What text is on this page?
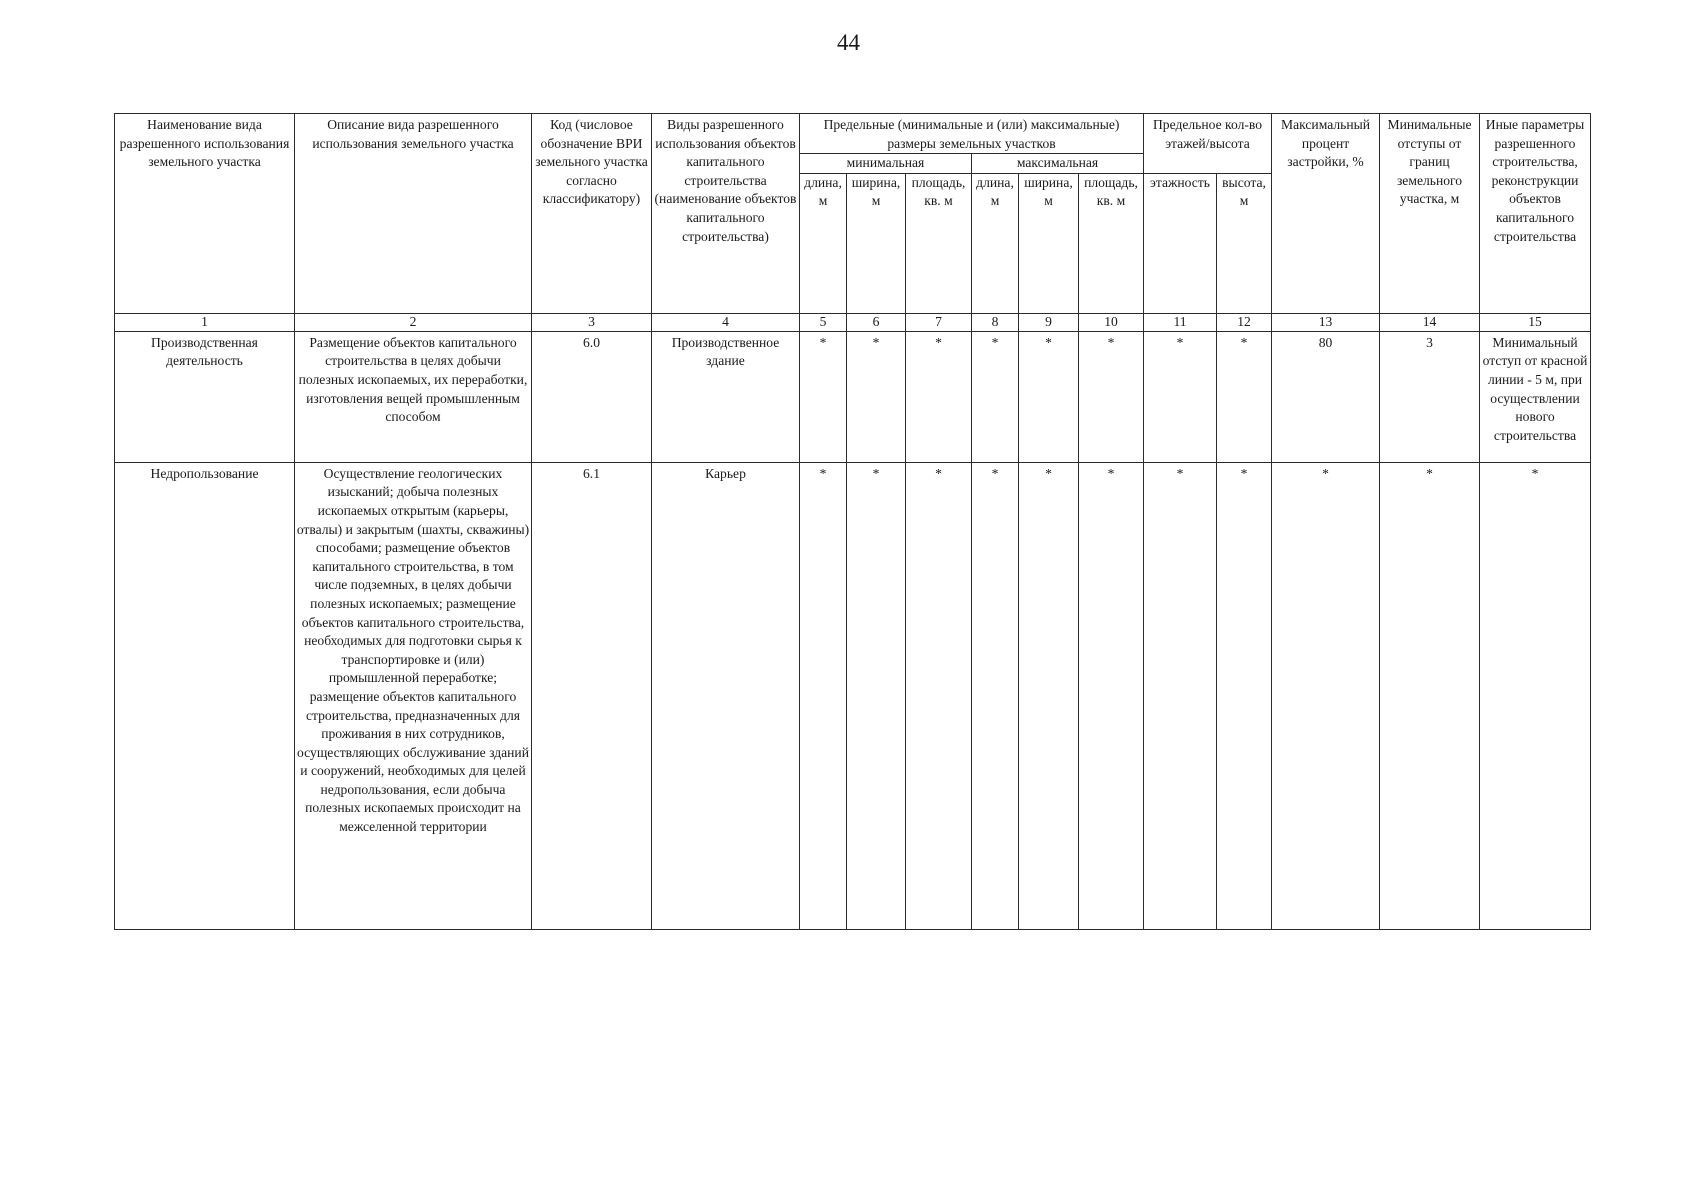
44
Наименование вида разрешенного использования земельного участка	Описание вида разрешенного использования земельного участка	Код (числовое обозначение ВРИ земельного участка согласно классификатору)	Виды разрешенного использования объектов капитального строительства (наименование объектов капитального строительства)	Предельные (минимальные и (или) максимальные) размеры земельных участков						Предельное кол-во этажей/высота		Максимальный процент застройки, %	Минимальные отступы от границ земельного участка, м	Иные параметры разрешенного строительства, реконструкции объектов капитального строительства
				минимальная			максимальная							
				длина, м	ширина, м	площадь, кв. м	длина, м	ширина, м	площадь, кв. м	этажность	высота, м			

1	2	3	4	5	6	7	8	9	10	11	12	13	14	15
Производственная деятельность	Размещение объектов капитального строительства в целях добычи полезных ископаемых, их переработки, изготовления вещей промышленным способом	6.0	Производственное здание	*	*	*	*	*	*	*	*	80	3	Минимальный отступ от красной линии - 5 м, при осуществлении нового строительства
Недропользование	Осуществление геологических изысканий; добыча полезных ископаемых открытым (карьеры, отвалы) и закрытым (шахты, скважины) способами; размещение объектов капитального строительства, в том числе подземных, в целях добычи полезных ископаемых; размещение объектов капитального строительства, необходимых для подготовки сырья к транспортировке и (или) промышленной переработке; размещение объектов капитального строительства, предназначенных для проживания в них сотрудников, осуществляющих обслуживание зданий и сооружений, необходимых для целей недропользования, если добыча полезных ископаемых происходит на межселенной территории	6.1	Карьер	*	*	*	*	*	*	*	*	*	*	*
